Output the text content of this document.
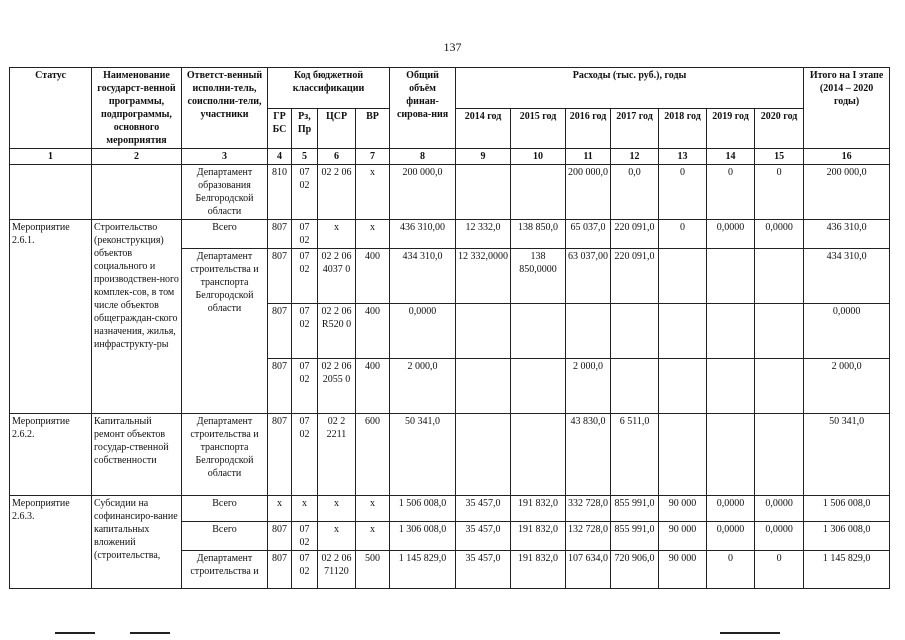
137
Статус	Наименование государст-венной программы, подпрограммы, основного мероприятия	Ответст-венный исполни-тель, соисполни-тели, участники	Код бюджетной классификации				Общий объём финан-сирова-ния	Расходы (тыс. руб.), годы							Итого на I этапе (2014 – 2020 годы)
			ГР БС	Рз, Пр	ЦСР	ВР		2014 год	2015 год	2016 год	2017 год	2018 год	2019 год	2020 год	
1	2	3	4	5	6	7	8	9	10	11	12	13	14	15	16
		Департамент образования Белгородской области	810	07 02	02 2 06	х	200 000,0			200 000,0	0,0	0	0	0	200 000,0
Мероприятие 2.6.1.	Строительство (реконструкция) объектов социального и производствен-ного комплек-сов, в том числе объектов общеграждан-ского назначения, жилья, инфраструкту-ры	Всего	807	07 02	х	х	436 310,00	12 332,0	138 850,0	65 037,0	220 091,0	0	0,0000	0,0000	436 310,0
		Департамент строительства и транспорта Белгородской области	807	07 02	02 2 06 4037 0	400	434 310,0	12 332,0000	138 850,0000	63 037,00	220 091,0				434 310,0
			807	07 02	02 2 06 R520 0	400	0,0000								0,0000
			807	07 02	02 2 06 2055 0	400	2 000,0			2 000,0					2 000,0
Мероприятие 2.6.2.	Капитальный ремонт объектов государ-ственной собственности	Департамент строительства и транспорта Белгородской области	807	07 02	02 2 2211	600	50 341,0			43 830,0	6 511,0				50 341,0
Мероприятие 2.6.3.	Субсидии на софинансиро-вание капитальных вложений (строительства,	Всего	х	х	х	х	1 506 008,0	35 457,0	191 832,0	332 728,0	855 991,0	90 000	0,0000	0,0000	1 506 008,0
		Всего	807	07 02	х	х	1 306 008,0	35 457,0	191 832,0	132 728,0	855 991,0	90 000	0,0000	0,0000	1 306 008,0
		Департамент строительства и	807	07 02	02 2 06 71120	500	1 145 829,0	35 457,0	191 832,0	107 634,0	720 906,0	90 000	0	0	1 145 829,0
